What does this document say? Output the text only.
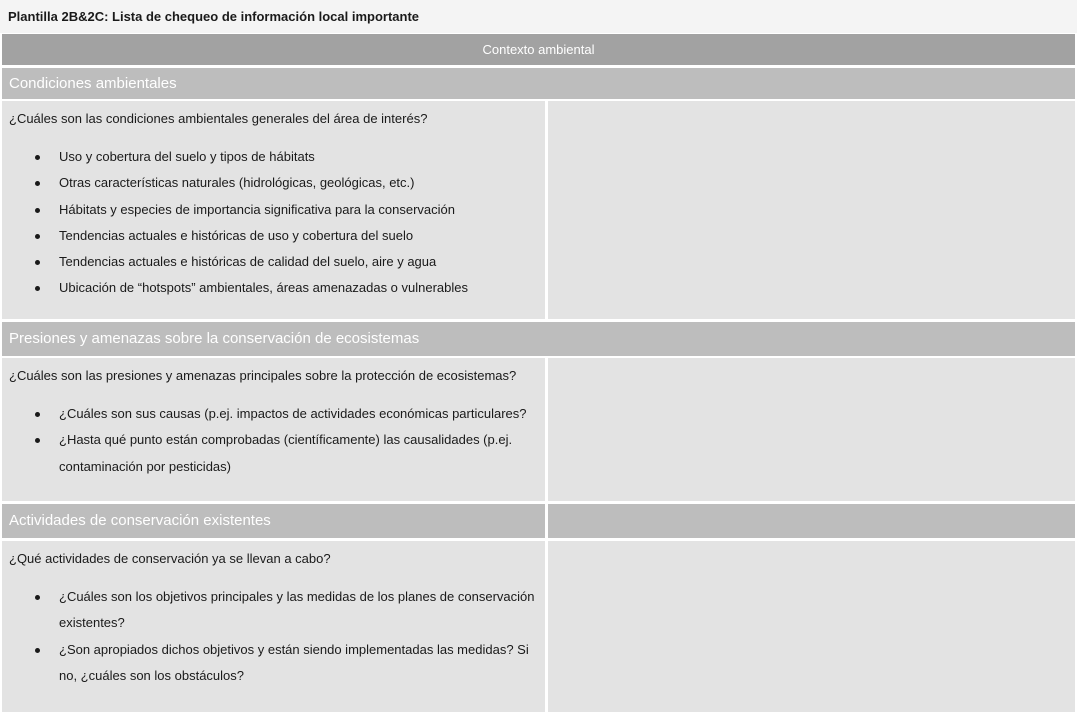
Plantilla 2B&2C: Lista de chequeo de información local importante
Contexto ambiental
Condiciones ambientales
¿Cuáles son las condiciones ambientales generales del área de interés?
Uso y cobertura del suelo y tipos de hábitats
Otras características naturales (hidrológicas, geológicas, etc.)
Hábitats y especies de importancia significativa para la conservación
Tendencias actuales e históricas de uso y cobertura del suelo
Tendencias actuales e históricas de calidad del suelo, aire y agua
Ubicación de “hotspots” ambientales, áreas amenazadas o vulnerables
Presiones y amenazas sobre la conservación de ecosistemas
¿Cuáles son las presiones y amenazas principales sobre la protección de ecosistemas?
¿Cuáles son sus causas (p.ej. impactos de actividades económicas particulares?
¿Hasta qué punto están comprobadas (científicamente) las causalidades (p.ej. contaminación por pesticidas)
Actividades de conservación existentes
¿Qué actividades de conservación ya se llevan a cabo?
¿Cuáles son los objetivos principales y las medidas de los planes de conservación existentes?
¿Son apropiados dichos objetivos y están siendo implementadas las medidas? Si no, ¿cuáles son los obstáculos?
